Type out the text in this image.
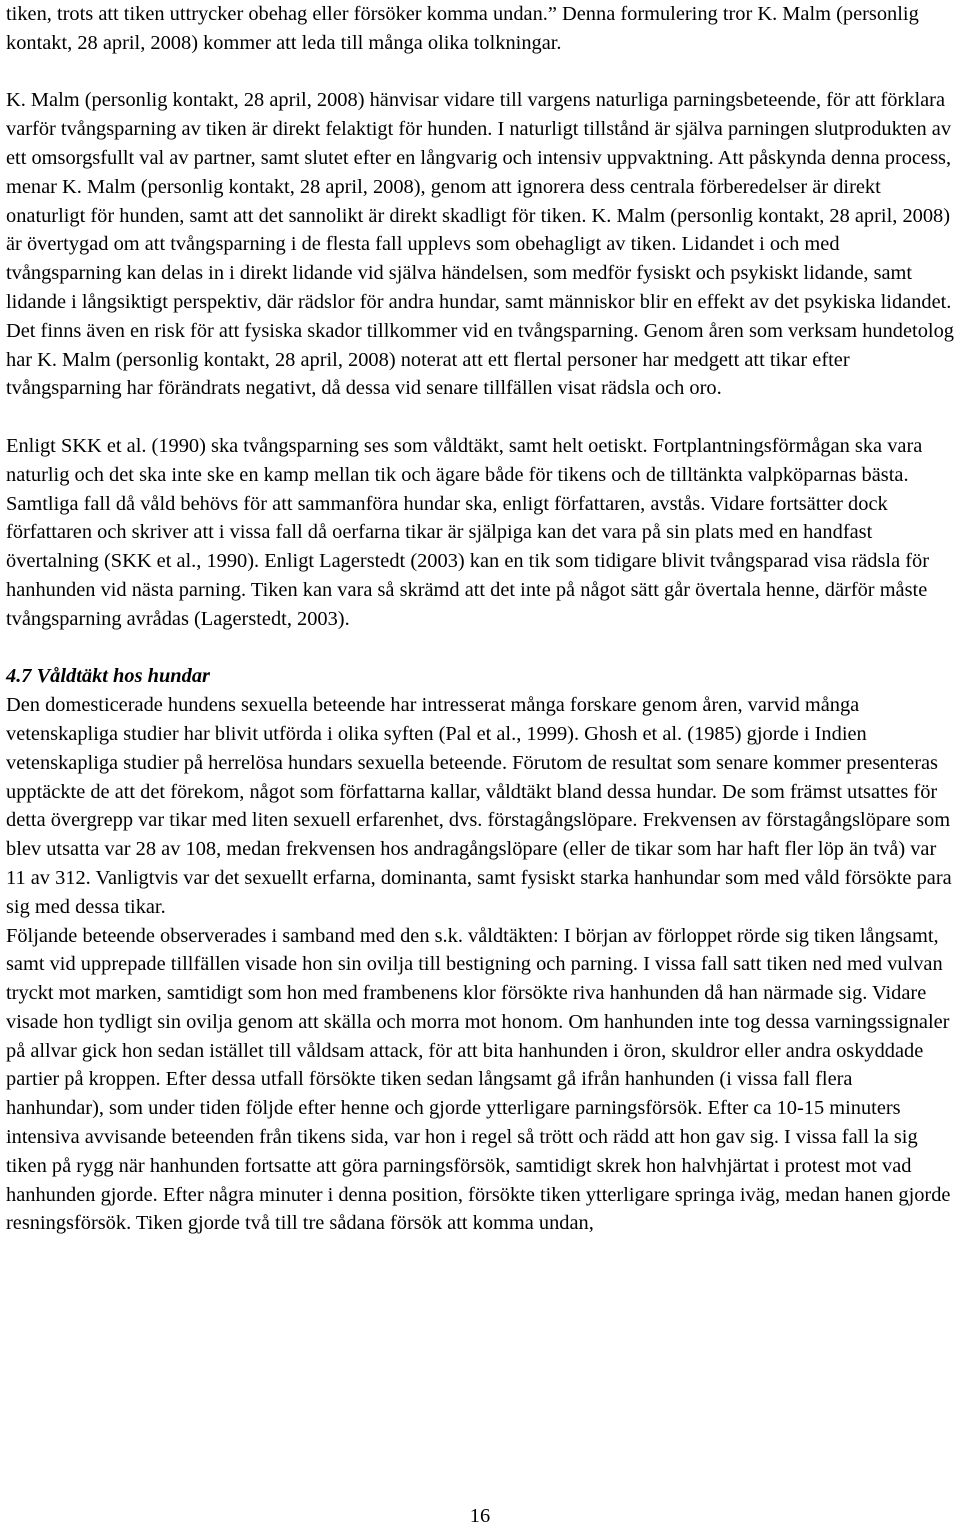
tiken, trots att tiken uttrycker obehag eller försöker komma undan.” Denna formulering tror K. Malm (personlig kontakt, 28 april, 2008) kommer att leda till många olika tolkningar.

K. Malm (personlig kontakt, 28 april, 2008) hänvisar vidare till vargens naturliga parningsbeteende, för att förklara varför tvångsparning av tiken är direkt felaktigt för hunden. I naturligt tillstånd är själva parningen slutprodukten av ett omsorgsfullt val av partner, samt slutet efter en långvarig och intensiv uppvaktning. Att påskynda denna process, menar K. Malm (personlig kontakt, 28 april, 2008), genom att ignorera dess centrala förberedelser är direkt onaturligt för hunden, samt att det sannolikt är direkt skadligt för tiken. K. Malm (personlig kontakt, 28 april, 2008) är övertygad om att tvångsparning i de flesta fall upplevs som obehagligt av tiken. Lidandet i och med tvångsparning kan delas in i direkt lidande vid själva händelsen, som medför fysiskt och psykiskt lidande, samt lidande i långsiktigt perspektiv, där rädslor för andra hundar, samt människor blir en effekt av det psykiska lidandet. Det finns även en risk för att fysiska skador tillkommer vid en tvångsparning. Genom åren som verksam hundetolog har K. Malm (personlig kontakt, 28 april, 2008) noterat att ett flertal personer har medgett att tikar efter tvångsparning har förändrats negativt, då dessa vid senare tillfällen visat rädsla och oro.

Enligt SKK et al. (1990) ska tvångsparning ses som våldtäkt, samt helt oetiskt. Fortplantningsförmågan ska vara naturlig och det ska inte ske en kamp mellan tik och ägare både för tikens och de tilltänkta valpköparnas bästa. Samtliga fall då våld behövs för att sammanföra hundar ska, enligt författaren, avstås. Vidare fortsätter dock författaren och skriver att i vissa fall då oerfarna tikar är själpiga kan det vara på sin plats med en handfast övertalning (SKK et al., 1990). Enligt Lagerstedt (2003) kan en tik som tidigare blivit tvångsparad visa rädsla för hanhunden vid nästa parning. Tiken kan vara så skrämd att det inte på något sätt går övertala henne, därför måste tvångsparning avrådas (Lagerstedt, 2003).

4.7 Våldtäkt hos hundar

Den domesticerade hundens sexuella beteende har intresserat många forskare genom åren, varvid många vetenskapliga studier har blivit utförda i olika syften (Pal et al., 1999). Ghosh et al. (1985) gjorde i Indien vetenskapliga studier på herrelösa hundars sexuella beteende. Förutom de resultat som senare kommer presenteras upptäckte de att det förekom, något som författarna kallar, våldtäkt bland dessa hundar. De som främst utsattes för detta övergrepp var tikar med liten sexuell erfarenhet, dvs. förstagångslöpare. Frekvensen av förstagångslöpare som blev utsatta var 28 av 108, medan frekvensen hos andragångslöpare (eller de tikar som har haft fler löp än två) var 11 av 312. Vanligtvis var det sexuellt erfarna, dominanta, samt fysiskt starka hanhundar som med våld försökte para sig med dessa tikar.

Följande beteende observerades i samband med den s.k. våldtäkten: I början av förloppet rörde sig tiken långsamt, samt vid upprepade tillfällen visade hon sin ovilja till bestigning och parning. I vissa fall satt tiken ned med vulvan tryckt mot marken, samtidigt som hon med frambenens klor försökte riva hanhunden då han närmade sig. Vidare visade hon tydligt sin ovilja genom att skälla och morra mot honom. Om hanhunden inte tog dessa varningssignaler på allvar gick hon sedan istället till våldsam attack, för att bita hanhunden i öron, skuldror eller andra oskyddade partier på kroppen. Efter dessa utfall försökte tiken sedan långsamt gå ifrån hanhunden (i vissa fall flera hanhundar), som under tiden följde efter henne och gjorde ytterligare parningsförsök. Efter ca 10-15 minuters intensiva avvisande beteenden från tikens sida, var hon i regel så trött och rädd att hon gav sig. I vissa fall la sig tiken på rygg när hanhunden fortsatte att göra parningsförsök, samtidigt skrek hon halvhjärtat i protest mot vad hanhunden gjorde. Efter några minuter i denna position, försökte tiken ytterligare springa iväg, medan hanen gjorde resningsförsök. Tiken gjorde två till tre sådana försök att komma undan,

16
